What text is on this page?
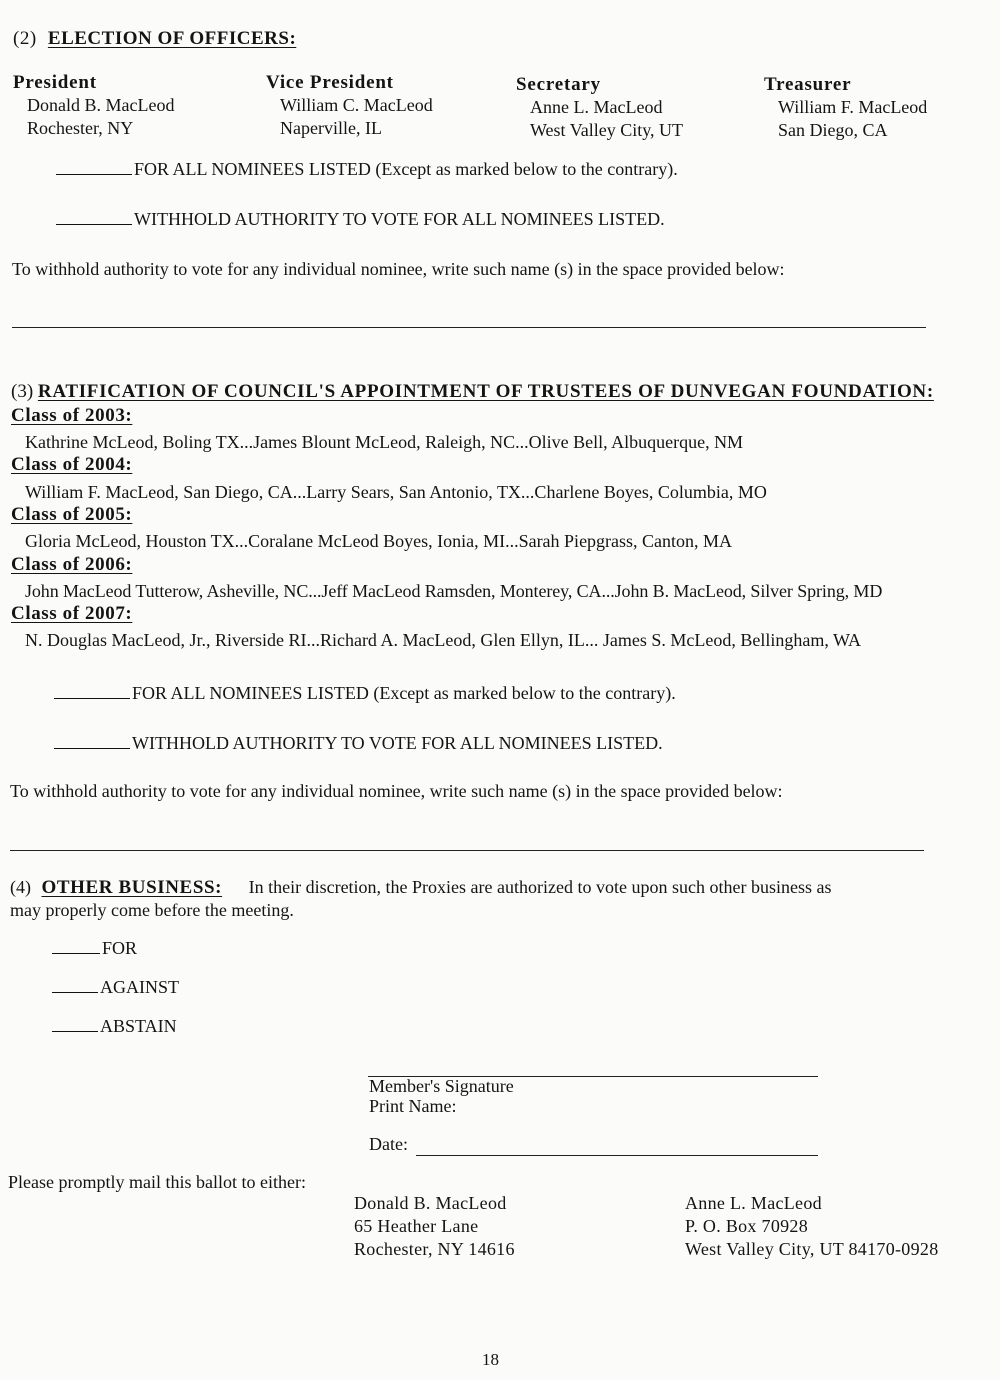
(2) ELECTION OF OFFICERS:
President
Donald B. MacLeod
Rochester, NY
Vice President
William C. MacLeod
Naperville, IL
Secretary
Anne L. MacLeod
West Valley City, UT
Treasurer
William F. MacLeod
San Diego, CA
FOR ALL NOMINEES LISTED (Except as marked below to the contrary).
WITHHOLD AUTHORITY TO VOTE FOR ALL NOMINEES LISTED.
To withhold authority to vote for any individual nominee, write such name (s) in the space provided below:
(3) RATIFICATION OF COUNCIL'S APPOINTMENT OF TRUSTEES OF DUNVEGAN FOUNDATION:
Class of 2003:
Kathrine McLeod, Boling TX...James Blount McLeod, Raleigh, NC...Olive Bell, Albuquerque, NM
Class of 2004:
William F. MacLeod, San Diego, CA...Larry Sears, San Antonio, TX...Charlene Boyes, Columbia, MO
Class of 2005:
Gloria McLeod, Houston TX...Coralane McLeod Boyes, Ionia, MI...Sarah Piepgrass, Canton, MA
Class of 2006:
John MacLeod Tutterow, Asheville, NC...Jeff MacLeod Ramsden, Monterey, CA...John B. MacLeod, Silver Spring, MD
Class of 2007:
N. Douglas MacLeod, Jr., Riverside RI...Richard A. MacLeod, Glen Ellyn, IL... James S. McLeod, Bellingham, WA
FOR ALL NOMINEES LISTED (Except as marked below to the contrary).
WITHHOLD AUTHORITY TO VOTE FOR ALL NOMINEES LISTED.
To withhold authority to vote for any individual nominee, write such name (s) in the space provided below:
(4) OTHER BUSINESS: In their discretion, the Proxies are authorized to vote upon such other business as
may properly come before the meeting.
FOR
AGAINST
ABSTAIN
Member's Signature
Print Name:
Date:
Please promptly mail this ballot to either:
Donald B. MacLeod
65 Heather Lane
Rochester, NY 14616
Anne L. MacLeod
P. O. Box 70928
West Valley City, UT 84170-0928
18
